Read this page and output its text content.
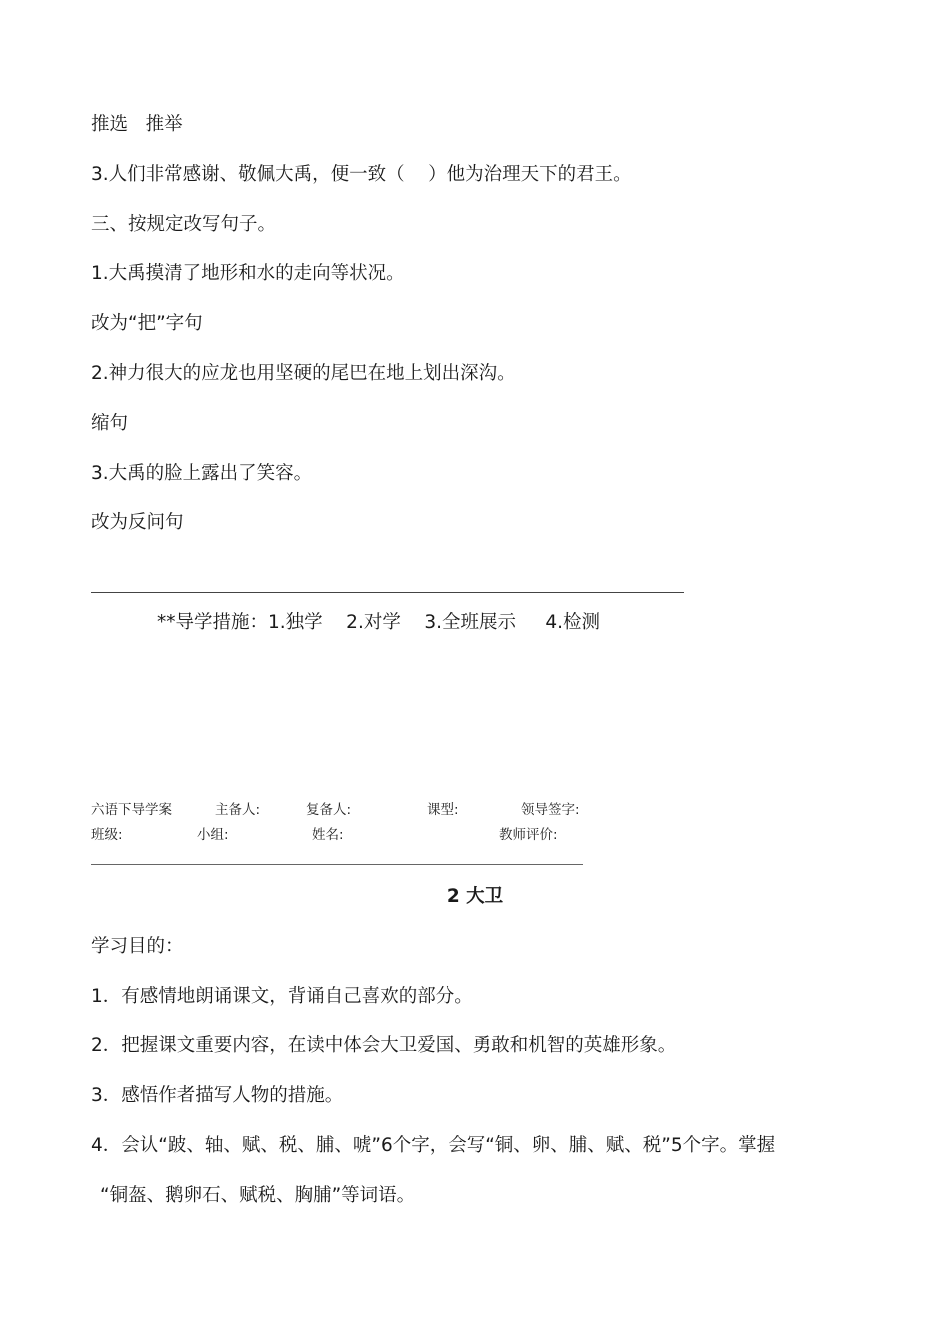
推选   推举
3.人们非常感谢、敬佩大禹，便一致（    ）他为治理天下的君王。
三、按规定改写句子。
1.大禹摸清了地形和水的走向等状况。
改为“把”字句
2.神力很大的应龙也用坚硬的尾巴在地上划出深沟。
缩句
3.大禹的脸上露出了笑容。
改为反问句
**导学措施：1.独学    2.对学    3.全班展示     4.检测
六语下导学案	主备人:	复备人:	课型:	领导签字:
班级:	小组:	姓名:	教师评价:
2 大卫
学习目的：
1．有感情地朗诵课文，背诵自己喜欢的部分。
2．把握课文重要内容，在读中体会大卫爱国、勇敢和机智的英雄形象。
3．感悟作者描写人物的措施。
4．会认“跛、轴、赋、税、脯、唬”6个字，会写“铜、卵、脯、赋、税”5个字。掌握
“铜盔、鹅卵石、赋税、胸脯”等词语。
